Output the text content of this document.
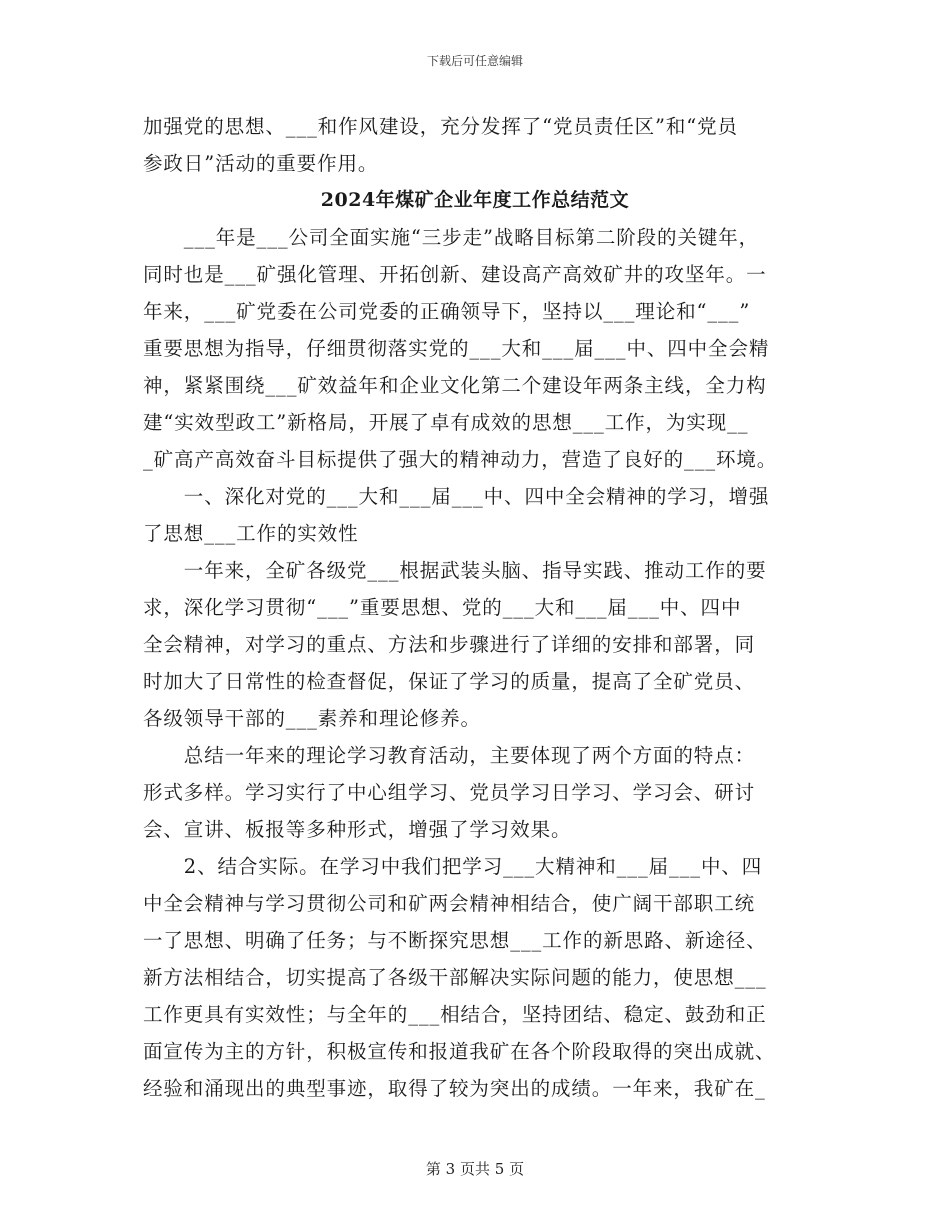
下载后可任意编辑
加强党的思想、___和作风建设，充分发挥了“党员责任区”和“党员
参政日”活动的重要作用。
2024年煤矿企业年度工作总结范文
　　___年是___公司全面实施“三步走”战略目标第二阶段的关键年，
同时也是___矿强化管理、开拓创新、建设高产高效矿井的攻坚年。一
年来，___矿党委在公司党委的正确领导下，坚持以___理论和“___”
重要思想为指导，仔细贯彻落实党的___大和___届___中、四中全会精
神，紧紧围绕___矿效益年和企业文化第二个建设年两条主线，全力构
建“实效型政工”新格局，开展了卓有成效的思想___工作，为实现__
_矿高产高效奋斗目标提供了强大的精神动力，营造了良好的___环境。
　　一、深化对党的___大和___届___中、四中全会精神的学习，增强
了思想___工作的实效性
　　一年来，全矿各级党___根据武装头脑、指导实践、推动工作的要
求，深化学习贯彻“___”重要思想、党的___大和___届___中、四中
全会精神，对学习的重点、方法和步骤进行了详细的安排和部署，同
时加大了日常性的检查督促，保证了学习的质量，提高了全矿党员、
各级领导干部的___素养和理论修养。
　　总结一年来的理论学习教育活动，主要体现了两个方面的特点：
形式多样。学习实行了中心组学习、党员学习日学习、学习会、研讨
会、宣讲、板报等多种形式，增强了学习效果。
　　2、结合实际。在学习中我们把学习___大精神和___届___中、四
中全会精神与学习贯彻公司和矿两会精神相结合，使广阔干部职工统
一了思想、明确了任务；与不断探究思想___工作的新思路、新途径、
新方法相结合，切实提高了各级干部解决实际问题的能力，使思想___
工作更具有实效性；与全年的___相结合，坚持团结、稳定、鼓劲和正
面宣传为主的方针，积极宣传和报道我矿在各个阶段取得的突出成就、
经验和涌现出的典型事迹，取得了较为突出的成绩。一年来，我矿在_
第 3 页共 5 页
